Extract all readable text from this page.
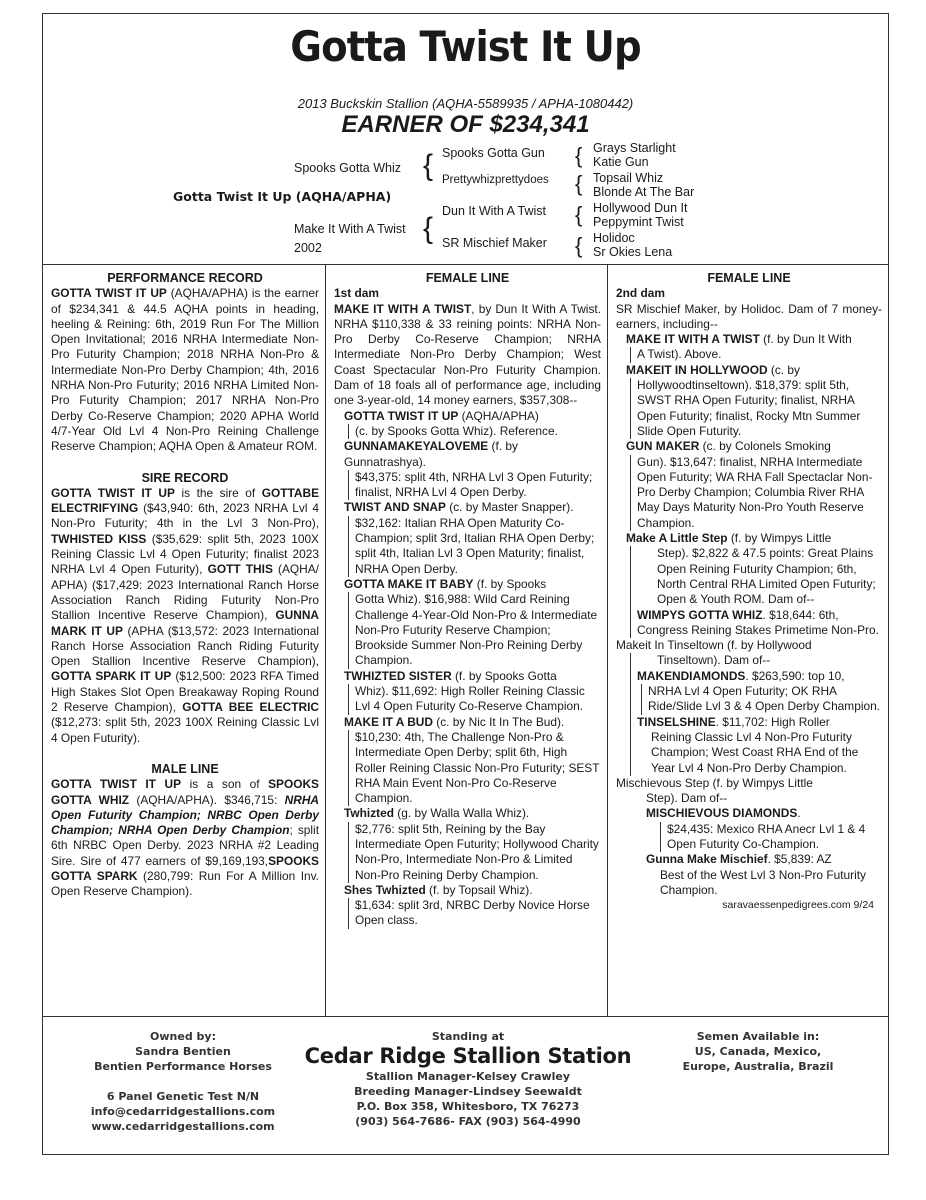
Gotta Twist It Up
2013 Buckskin Stallion (AQHA-5589935 / APHA-1080442)
EARNER OF $234,341
Gotta Twist It Up (AQHA/APHA)
Spooks Gotta Whiz {
Make It With A Twist
2002
{
Spooks Gotta Gun
Prettywhizprettydoes
Dun It With A Twist
SR Mischief Maker
{
{
{
{
Grays Starlight
Katie Gun
Topsail Whiz
Blonde At The Bar
Hollywood Dun It
Peppymint Twist
Holidoc
Sr Okies Lena

PERFORMANCE RECORD

GOTTA TWIST IT UP (AQHA/APHA) is the earner of $234,341 & 44.5 AQHA points in heading, heeling & Reining: 6th, 2019 Run For The Million Open Invitational; 2016 NRHA Intermediate Non-Pro Futurity Champion; 2018 NRHA Non-Pro & Intermediate Non-Pro Derby Champion; 4th, 2016 NRHA Non-Pro Futurity; 2016 NRHA Limited Non-Pro Futurity Champion; 2017 NRHA Non-Pro Derby Co-Reserve Champion; 2020 APHA World 4/7-Year Old Lvl 4 Non-Pro Reining Challenge Reserve Champion; AQHA Open & Amateur ROM.

SIRE RECORD

GOTTA TWIST IT UP is the sire of GOTTABE ELECTRIFYING ($43,940: 6th, 2023 NRHA Lvl 4 Non-Pro Futurity; 4th in the Lvl 3 Non-Pro), TWHISTED KISS ($35,629: split 5th, 2023 100X Reining Classic Lvl 4 Open Futurity; finalist 2023 NRHA Lvl 4 Open Futurity), GOTT THIS (AQHA/ APHA) ($17,429: 2023 International Ranch Horse Association Ranch Riding Futurity Non-Pro Stallion Incentive Reserve Champion), GUNNA MARK IT UP (APHA ($13,572: 2023 International Ranch Horse Association Ranch Riding Futurity Open Stallion Incentive Reserve Champion), GOTTA SPARK IT UP ($12,500: 2023 RFA Timed High Stakes Slot Open Breakaway Roping Round 2 Reserve Champion), GOTTA BEE ELECTRIC ($12,273: split 5th, 2023 100X Reining Classic Lvl 4 Open Futurity).

MALE LINE

GOTTA TWIST IT UP is a son of SPOOKS GOTTA WHIZ (AQHA/APHA). $346,715: NRHA Open Futurity Champion; NRBC Open Derby Champion; NRHA Open Derby Champion; split 6th NRBC Open Derby. 2023 NRHA #2 Leading Sire. Sire of 477 earners of $9,169,193,SPOOKS GOTTA SPARK (280,799: Run For A Million Inv. Open Reserve Champion).

FEMALE LINE

1st dam

MAKE IT WITH A TWIST, by Dun It With A Twist. NRHA $110,338 & 33 reining points: NRHA Non-Pro Derby Co-Reserve Champion; NRHA Intermediate Non-Pro Derby Champion; West Coast Spectacular Non-Pro Futurity Champion. Dam of 18 foals all of performance age, including one 3-year-old, 14 money earners, $357,308--

GOTTA TWIST IT UP (AQHA/APHA)

(c. by Spooks Gotta Whiz). Reference.

GUNNAMAKEYALOVEME (f. by Gunnatrashya).

$43,375: split 4th, NRHA Lvl 3 Open Futurity; finalist, NRHA Lvl 4 Open Derby.

TWIST AND SNAP (c. by Master Snapper).

$32,162: Italian RHA Open Maturity Co-Champion; split 3rd, Italian RHA Open Derby; split 4th, Italian Lvl 3 Open Maturity; finalist, NRHA Open Derby.

GOTTA MAKE IT BABY (f. by Spooks

Gotta Whiz). $16,988: Wild Card Reining Challenge 4-Year-Old Non-Pro & Intermediate Non-Pro Futurity Reserve Champion; Brookside Summer Non-Pro Reining Derby Champion.

TWHIZTED SISTER (f. by Spooks Gotta

Whiz). $11,692: High Roller Reining Classic Lvl 4 Open Futurity Co-Reserve Champion.

MAKE IT A BUD (c. by Nic It In The Bud).

$10,230: 4th, The Challenge Non-Pro & Intermediate Open Derby; split 6th, High Roller Reining Classic Non-Pro Futurity; SEST RHA Main Event Non-Pro Co-Reserve Champion.

Twhizted (g. by Walla Walla Whiz).

$2,776: split 5th, Reining by the Bay Intermediate Open Futurity; Hollywood Charity Non-Pro, Intermediate Non-Pro & Limited Non-Pro Reining Derby Champion.

Shes Twhizted (f. by Topsail Whiz).

$1,634: split 3rd, NRBC Derby Novice Horse Open class.

FEMALE LINE

2nd dam

SR Mischief Maker, by Holidoc. Dam of 7 money-earners, including--

MAKE IT WITH A TWIST (f. by Dun It With

A Twist). Above.

MAKEIT IN HOLLYWOOD (c. by

Hollywoodtinseltown). $18,379: split 5th, SWST RHA Open Futurity; finalist, NRHA Open Futurity; finalist, Rocky Mtn Summer Slide Open Futurity.

GUN MAKER (c. by Colonels Smoking

Gun). $13,647: finalist, NRHA Intermediate Open Futurity; WA RHA Fall Spectaclar Non-Pro Derby Champion; Columbia River RHA May Days Maturity Non-Pro Youth Reserve Champion.

Make A Little Step (f. by Wimpys Little

Step). $2,822 & 47.5 points: Great Plains Open Reining Futurity Champion; 6th, North Central RHA Limited Open Futurity; Open & Youth ROM. Dam of--

WIMPYS GOTTA WHIZ. $18,644: 6th, Congress Reining Stakes Primetime Non-Pro.

Makeit In Tinseltown (f. by Hollywood

Tinseltown). Dam of--

MAKENDIAMONDS. $263,590: top 10,

NRHA Lvl 4 Open Futurity; OK RHA Ride/Slide Lvl 3 & 4 Open Derby Champion.

TINSELSHINE. $11,702: High Roller

Reining Classic Lvl 4 Non-Pro Futurity Champion; West Coast RHA End of the Year Lvl 4 Non-Pro Derby Champion.

Mischievous Step (f. by Wimpys Little

Step). Dam of--

MISCHIEVOUS DIAMONDS.

$24,435: Mexico RHA Anecr Lvl 1 & 4 Open Futurity Co-Champion.

Gunna Make Mischief. $5,839: AZ

Best of the West Lvl 3 Non-Pro Futurity Champion.

saravaessenpedigrees.com 9/24

Owned by:
Sandra Bentien
Bentien Performance Horses
6 Panel Genetic Test N/N
info@cedarridgestallions.com
www.cedarridgestallions.com
Standing at
Cedar Ridge Stallion Station
Stallion Manager-Kelsey Crawley
Breeding Manager-Lindsey Seewaldt
P.O. Box 358, Whitesboro, TX 76273
(903) 564-7686- FAX (903) 564-4990
Semen Available in:
US, Canada, Mexico,
Europe, Australia, Brazil
